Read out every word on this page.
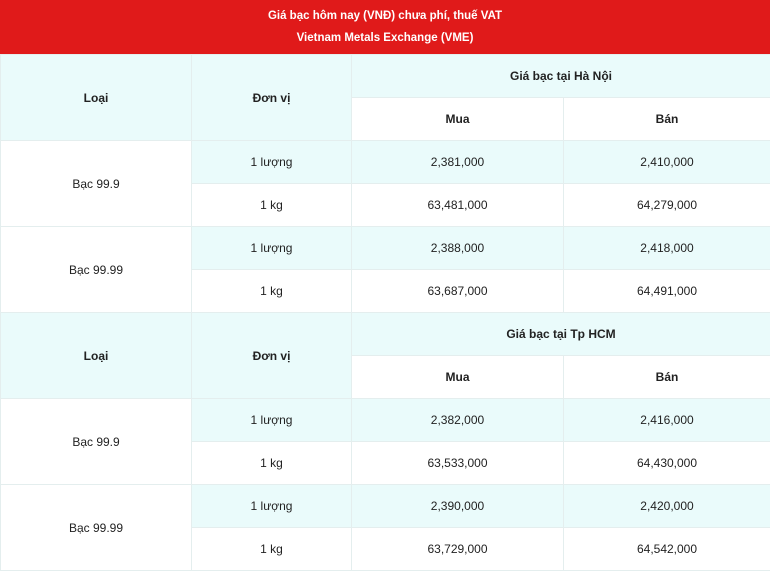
Giá bạc hôm nay (VNĐ) chưa phí, thuế VAT
Vietnam Metals Exchange (VME)
Loại	Đơn vị	Giá bạc tại Hà Nội	
		Mua	Bán
Bạc 99.9	1 lượng	2,381,000	2,410,000
	1 kg	63,481,000	64,279,000
Bạc 99.99	1 lượng	2,388,000	2,418,000
	1 kg	63,687,000	64,491,000
Loại	Đơn vị	Giá bạc tại Tp HCM	
		Mua	Bán
Bạc 99.9	1 lượng	2,382,000	2,416,000
	1 kg	63,533,000	64,430,000
Bạc 99.99	1 lượng	2,390,000	2,420,000
	1 kg	63,729,000	64,542,000
